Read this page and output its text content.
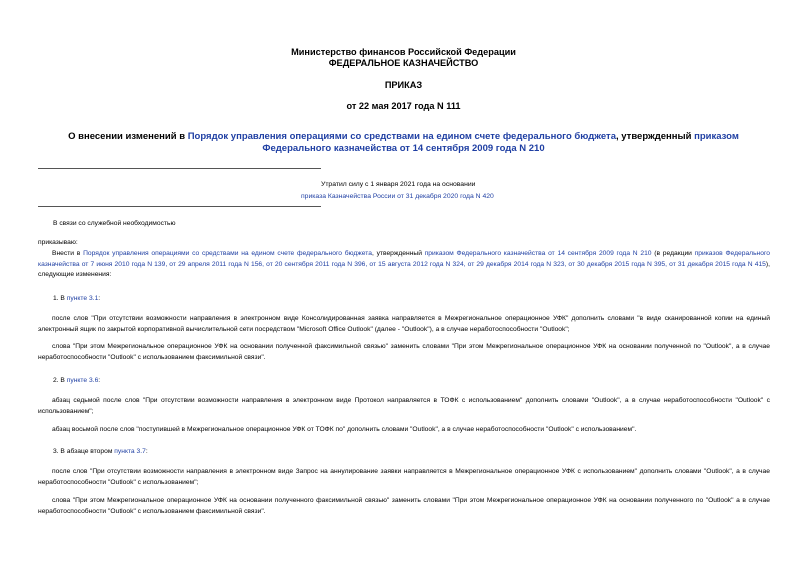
Министерство финансов Российской Федерации
ФЕДЕРАЛЬНОЕ КАЗНАЧЕЙСТВО
ПРИКАЗ
от 22 мая 2017 года N 111
О внесении изменений в Порядок управления операциями со средствами на едином счете федерального бюджета, утвержденный приказом Федерального казначейства от 14 сентября 2009 года N 210
Утратил силу с 1 января 2021 года на основании
приказа Казначейства России от 31 декабря 2020 года N 420
В связи со служебной необходимостью
приказываю:
Внести в Порядок управления операциями со средствами на едином счете федерального бюджета, утвержденный приказом Федерального казначейства от 14 сентября 2009 года N 210 (в редакции приказов Федерального казначейства от 7 июня 2010 года N 139, от 29 апреля 2011 года N 156, от 20 сентября 2011 года N 396, от 15 августа 2012 года N 324, от 29 декабря 2014 года N 323, от 30 декабря 2015 года N 395, от 31 декабря 2015 года N 415), следующие изменения:
1. В пункте 3.1:
после слов "При отсутствии возможности направления в электронном виде Консолидированная заявка направляется в Межрегиональное операционное УФК" дополнить словами "в виде сканированной копии на единый электронный ящик по закрытой корпоративной вычислительной сети посредством "Microsoft Office Outlook" (далее - "Outlook"), а в случае неработоспособности "Outlook";
слова "При этом Межрегиональное операционное УФК на основании полученной факсимильной связью" заменить словами "При этом Межрегиональное операционное УФК на основании полученной по "Outlook", а в случае неработоспособности "Outlook" с использованием факсимильной связи".
2. В пункте 3.6:
абзац седьмой после слов "При отсутствии возможности направления в электронном виде Протокол направляется в ТОФК с использованием" дополнить словами "Outlook", а в случае неработоспособности "Outlook" с использованием";
абзац восьмой после слов "поступившей в Межрегиональное операционное УФК от ТОФК по" дополнить словами "Outlook", а в случае неработоспособности "Outlook" с использованием".
3. В абзаце втором пункта 3.7:
после слов "При отсутствии возможности направления в электронном виде Запрос на аннулирование заявки направляется в Межрегиональное операционное УФК с использованием" дополнить словами "Outlook", а в случае неработоспособности "Outlook" с использованием";
слова "При этом Межрегиональное операционное УФК на основании полученного факсимильной связью" заменить словами "При этом Межрегиональное операционное УФК на основании полученного по "Outlook" а в случае неработоспособности "Outlook" с использованием факсимильной связи".
